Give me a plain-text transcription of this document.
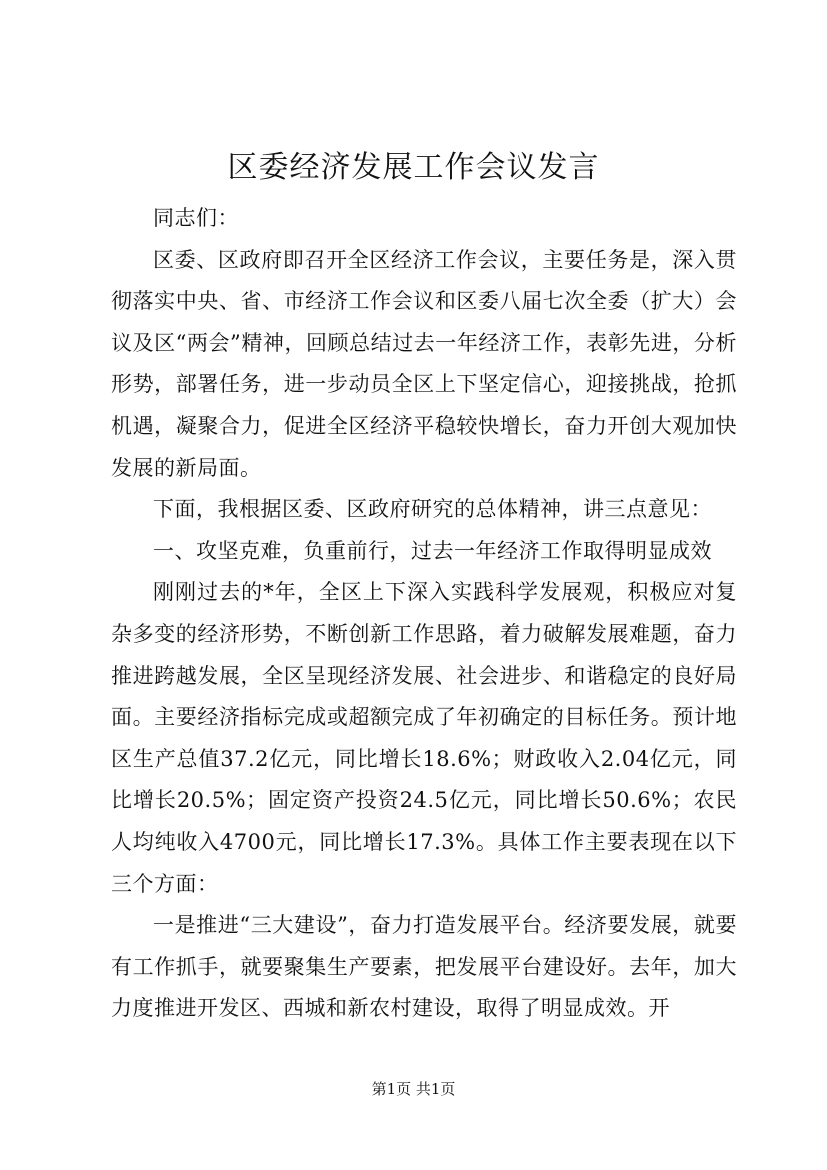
区委经济发展工作会议发言

同志们：

区委、区政府即召开全区经济工作会议，主要任务是，深入贯彻落实中央、省、市经济工作会议和区委八届七次全委（扩大）会议及区“两会”精神，回顾总结过去一年经济工作，表彰先进，分析形势，部署任务，进一步动员全区上下坚定信心，迎接挑战，抢抓机遇，凝聚合力，促进全区经济平稳较快增长，奋力开创大观加快发展的新局面。

下面，我根据区委、区政府研究的总体精神，讲三点意见：

一、攻坚克难，负重前行，过去一年经济工作取得明显成效

刚刚过去的*年，全区上下深入实践科学发展观，积极应对复杂多变的经济形势，不断创新工作思路，着力破解发展难题，奋力推进跨越发展，全区呈现经济发展、社会进步、和谐稳定的良好局面。主要经济指标完成或超额完成了年初确定的目标任务。预计地区生产总值37.2亿元，同比增长18.6%；财政收入2.04亿元，同比增长20.5%；固定资产投资24.5亿元，同比增长50.6%；农民人均纯收入4700元，同比增长17.3%。具体工作主要表现在以下三个方面：

一是推进“三大建设”，奋力打造发展平台。经济要发展，就要有工作抓手，就要聚集生产要素，把发展平台建设好。去年，加大力度推进开发区、西城和新农村建设，取得了明显成效。开

第1页 共1页
